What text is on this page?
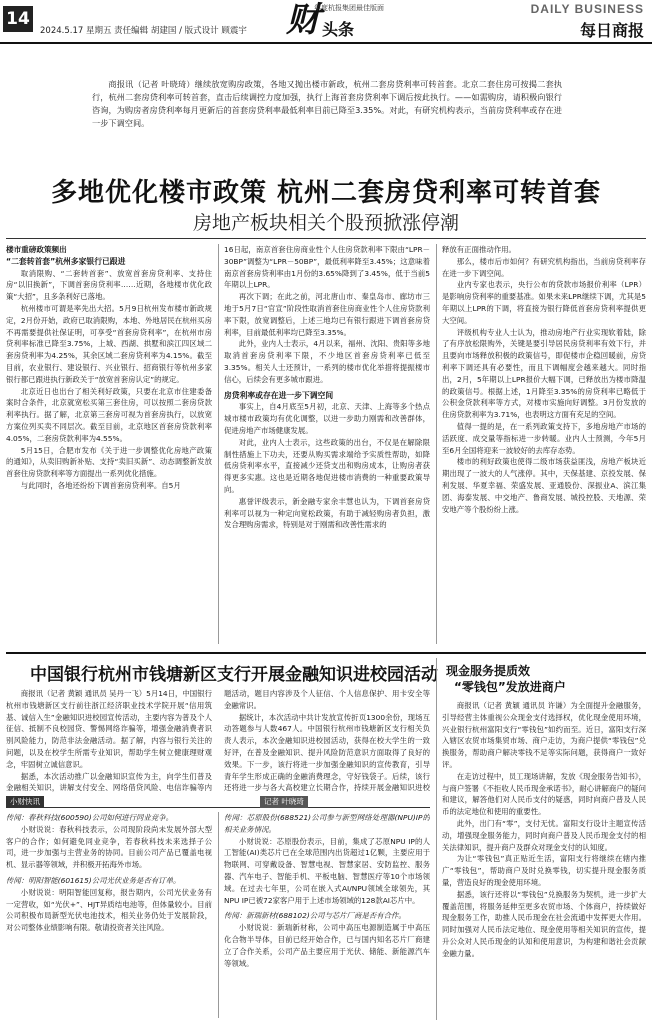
14
2024.5.17 星期五 责任编辑 胡建国 / 版式设计 顾震宇 财
年度杭报集团最佳版面
头条
DAILY BUSINESS
每日商报
商报讯（记者 叶晓琦）继续放宽购房政策，各地又抛出楼市新政，杭州二套房贷利率可转首套。北京二套住房可按揭二套执行，杭州二套房贷利率可转首套，直击后续调控力度加强，执行上海首套房贷利率下调后按此执行。——如需购房，请积极向银行咨询，为购房者房贷利率每月更新后的首套房贷利率最低利率目前已降至3.35%。对此，有研究机构表示，当前房贷利率或存在进一步下调空间。
多地优化楼市政策 杭州二套房贷利率可转首套
房地产板块相关个股预掀涨停潮

楼市重磅政策频出

“二套转首套”杭州多家银行已跟进

取消限购、“二套转首套”、放宽首套房贷利率、支持住房“以旧换新”，下调首套房贷利率……近期，各地楼市优化政策“大招”，且多条利好已落地。

杭州楼市可谓是率先出大招。5月9日杭州发布楼市新政规定，2月份开始，政府已取消限购，本地、外地居民在杭州买房不再需要提供社保证明，可享受“首套房贷利率”，在杭州市房贷利率标准已降至3.75%，上城、西湖、拱墅和滨江四区域二套房贷利率为4.25%，其余区域二套房贷利率为4.15%。截至目前，农业银行、建设银行、兴业银行、招商银行等杭州多家银行都已跟进执行新政关于“放宽首套房认定”的规定。

北京近日也出台了相关利好政策，只要在北京市住建委备案时合条件，北京就宽松买第三套住房，可以按照二套房贷款利率执行。据了解，北京第三套房可视为首套房执行，以放宽方案位列买卖不同层次。截至目前，北京地区首套房贷款利率4.05%，二套房贷款利率为4.55%。

5月15日，合肥市发布《关于进一步调整优化房地产政策的通知》，从卖旧购新补贴、支持“卖旧买新”、动态调整新发放首套住房贷款利率等方面提出一系列优化措施。

与此同时，各地还纷纷下调首套房贷利率。自5月

16日起，南京首套住房商业性个人住房贷款利率下限由“LPR－30BP”调整为“LPR－50BP”，最低利率降至3.45%；这意味着南京首套房贷利率由1月份的3.65%降到了3.45%，低于当前5年期以上LPR。

再次下调；在此之前，河北唐山市、秦皇岛市、廊坊市三地于5月7日“官宣”阶段性取消首套住房商业性个人住房贷款利率下限，放宽调整后，上述三地均已有银行跟进下调首套房贷利率，目前最低利率均已降至3.35%。

此外，业内人士表示，4月以来，福州、沈阳、贵阳等多地取消首套房贷利率下限，不少地区首套房贷利率已低至3.35%。相关人士还预计，一系列的楼市优化举措将提振楼市信心，后续会有更多城市跟进。

房贷利率或存在进一步下调空间

事实上，自4月底至5月初，北京、天津、上海等多个热点城市楼市政策均有优化调整，以进一步助力刚需和改善群体，促进房地产市场健康发展。

对此，业内人士表示，这些政策的出台，不仅是在解除限制性措施上下功夫，还要从购买需求端给予实质性帮助，如降低房贷利率水平，直接减少还贷支出和购房成本，让购房者获得更多实惠。这也是近期各地促进楼市消费的一种重要政策导向。

惠誉评级表示，新金融专家余丰慧也认为，下调首套房贷利率可以视为一种定向宽松政策，有助于减轻购房者负担，激发合理购房需求，特别是对于刚需和改善性需求的

释放有正面推动作用。

那么，楼市后市如何？有研究机构指出，当前房贷利率存在进一步下调空间。

业内专家也表示，央行公布的贷款市场报价利率（LPR）是影响房贷利率的重要基准。如果未来LPR继续下调，尤其是5年期以上LPR的下调，将直接为银行降低首套房贷利率提供更大空间。

评级机构专业人士认为，推动房地产行业实现软着陆，除了有序放松限购外，关键是要引导居民房贷利率有效下行，并且要向市场释放积极的政策信号，即促楼市企稳回暖前，房贷利率下调还具有必要性，而且下调幅度会越来越大。同时指出，2月，5年期以上LPR报价大幅下调，已释放出为楼市降温的政策信号。根据上述，1月降至3.35%的房贷利率已略低于公积金贷款利率等方式，对楼市实施向好调整。3月份发放的住房贷款利率为3.71%，也表明这方面有充足的空间。

值得一提的是，在一系列政策支持下，多地房地产市场的活跃度、成交量等指标进一步转暖。业内人士预测，今年5月至6月全国将迎来一波较好的去库存态势。

楼市的利好政策也使得二级市场获益匪浅，房地产板块近期出现了一波大的人气涨停。其中，天保基建、京投发展、保利发展、华夏幸福、荣盛发展、亚通股份、深振业A、滨江集团、海泰发展、中交地产、鲁商发展、城投控股、天地源、荣安地产等个股纷纷上涨。

中国银行杭州市钱塘新区支行开展金融知识进校园活动

商报讯（记者 黄颖 通讯员 吴丹一飞）5月14日，中国银行杭州市钱塘新区支行前往浙江经济职业技术学院开展“信用筑基、诚信入生”金融知识进校园宣传活动，主要内容为普及个人征信、抵制不良校园贷、警惕网络诈骗等，增强金融消费者识别风险能力，防范非法金融活动。据了解，内容与银行关注的问题，以及在校学生所需专业知识，帮助学生树立健康理财观念，牢固树立诚信意识。

据悉，本次活动推广以金融知识宣传为主，向学生们普及金融相关知识，讲解支付安全、网络借贷风险、电信诈骗等内

题活动，题目内容涉及个人征信、个人信息保护、用卡安全等金融常识。

据统计，本次活动中共计发放宣传折页1300余份，现场互动答题参与人数467人。中国银行杭州市钱塘新区支行相关负责人表示，本次金融知识进校园活动，获得在校大学生的一致好评，在普及金融知识、提升风险防范意识方面取得了良好的效果。下一步，该行将进一步加强金融知识的宣传教育，引导青年学生形成正确的金融消费理念，守好钱袋子。后续，该行还将进一步与各大高校建立长期合作，持续开展金融知识进校

小财快讯	记者 叶晓琦

传闻：春秋科技(600590)公司如何进行同业竞争。

小财说说：春秋科技表示，公司现阶段尚未发展外部大型客户的合作；如何避免同业竞争，若春秋科技未来选择子公司，进一步加强与主营业务的协同。目前公司产品已覆盖电视机、显示器等领域，并积极开拓海外市场。

传闻：明阳智能(601615)公司光伏业务是否有订单。

小财说说：明阳智能回复称，报告期内，公司光伏业务有一定营收，如“光伏+”、HJT异质结电池等，但体量较小。目前公司积极布局新型光伏电池技术，相关业务仍处于发展阶段，对公司整体业绩影响有限。敬请投资者关注风险。

传闻：芯原股份(688521)公司参与新型网络处理器(NPU)IP的相关业务情况。

小财说说：芯原股份表示，目前，集成了芯原NPU IP的人工智能(AI)类芯片已在全球范围内出货超过1亿颗，主要应用于物联网、可穿戴设备、智慧电视、智慧家居、安防监控、服务器、汽车电子、智能手机、平板电脑、智慧医疗等10个市场领域。在过去七年里，公司在嵌入式AI/NPU领域全球领先，其NPU IP已被72家客户用于上述市场领域的128款AI芯片中。

传闻：新瑞新材(688102)公司与芯片厂商是否有合作。

小财说说：新瑞新材称，公司中高压电源制造属于中高压化合物半导体，目前已经开始合作，已与国内知名芯片厂商建立了合作关系，公司产品主要应用于光伏、储能、新能源汽车等领域。

现金服务提质效
“零钱包”发放进商户

商报讯（记者 黄颖 通讯员 许谦）为全面提升金融服务，引导经营主体重视公众现金支付选择权，优化现金使用环境，兴业银行杭州富阳支行“零钱包”如约而至。近日，富阳支行深入辖区农贸市场集贸市场、商户走访，为商户提供“零钱包”兑换服务，帮助商户解决零钱不足等实际问题，获得商户一致好评。

在走访过程中，员工现场讲解，发放《现金服务告知书》，与商户签署《不拒收人民币现金承诺书》，耐心讲解商户的疑问和建议，解答他们对人民币支付的疑惑，同时向商户普及人民币的法定地位和使用的重要性。

此外，出门有“零”，支付无忧。富阳支行设计主题宣传活动，增强现金服务能力，同时向商户普及人民币现金支付的相关法律知识，提升商户及群众对现金支付的认知度。

为让“零钱包”真正贴近生活，富阳支行将继续在辖内推广“零钱包”，帮助商户及时兑换零钱，切实提升现金服务质量，营造良好的现金使用环境。

据悉，该行还将以“零钱包”兑换服务为契机，进一步扩大覆盖范围，将服务延伸至更多农贸市场、个体商户，持续做好现金服务工作，助推人民币现金在社会流通中发挥更大作用。同时加强对人民币法定地位、现金使用等相关知识的宣传，提升公众对人民币现金的认知和使用意识，为构建和谐社会贡献金融力量。
